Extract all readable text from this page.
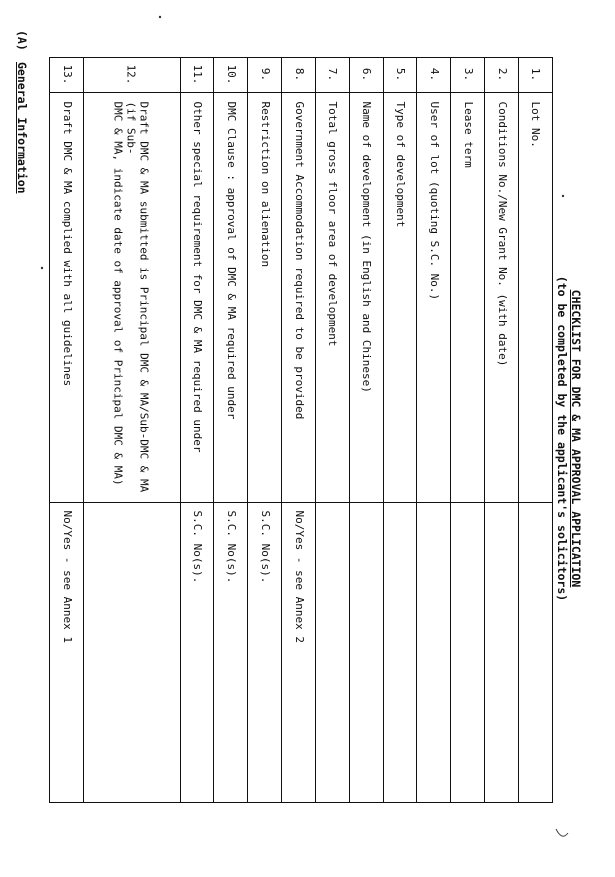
CHECKLIST FOR DMC & MA APPROVAL APPLICATION
(to be completed by the applicant's solicitors)
(A)
General Information
No/Yes - see Annex 1	Draft DMC & MA complied with all guidelines	13.
	Draft DMC & MA submitted is Principal DMC & MA/Sub-DMC & MA (if Sub-
DMC & MA, indicate date of approval of Principal DMC & MA)	12.
S.C. No(s).	Other special requirement for DMC & MA required under	11.
S.C. No(s).	DMC Clause : approval of DMC & MA required under	10.
S.C. No(s).	Restriction on alienation	9.
No/Yes - see Annex 2	Government Accommodation required to be provided	8.
	Total gross floor area of development	7.
	Name of development (in English and Chinese)	6.
	Type of development	5.
	User of lot (quoting S.C. No.)	4.
	Lease term	3.
	Conditions No./New Grant No. (with date)	2.
	Lot No.	1.
